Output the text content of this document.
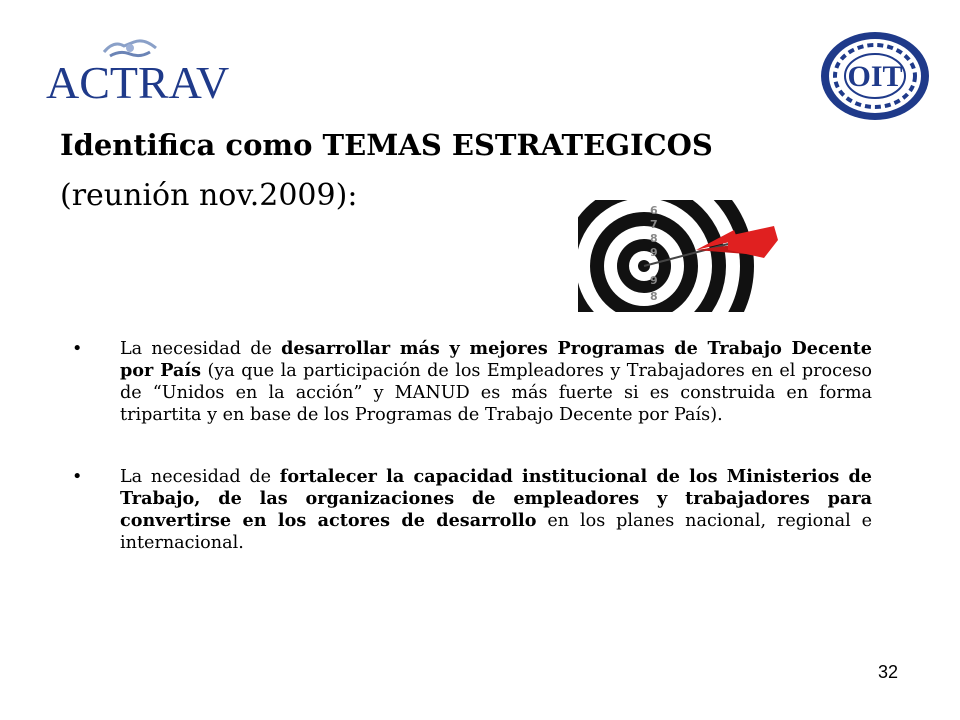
ACTRAV	OIT
Identifica como TEMAS ESTRATEGICOS
(reunión nov.2009):	6
7
8
9
9
8
• La necesidad de desarrollar más y mejores Programas de Trabajo Decente por País (ya que la participación de los Empleadores y Trabajadores en el proceso de “Unidos en la acción” y MANUD es más fuerte si es construida en forma tripartita y en base de los Programas de Trabajo Decente por País).
• La necesidad de fortalecer la capacidad institucional de los Ministerios de Trabajo, de las organizaciones de empleadores y trabajadores para convertirse en los actores de desarrollo en los planes nacional, regional e internacional.
32
